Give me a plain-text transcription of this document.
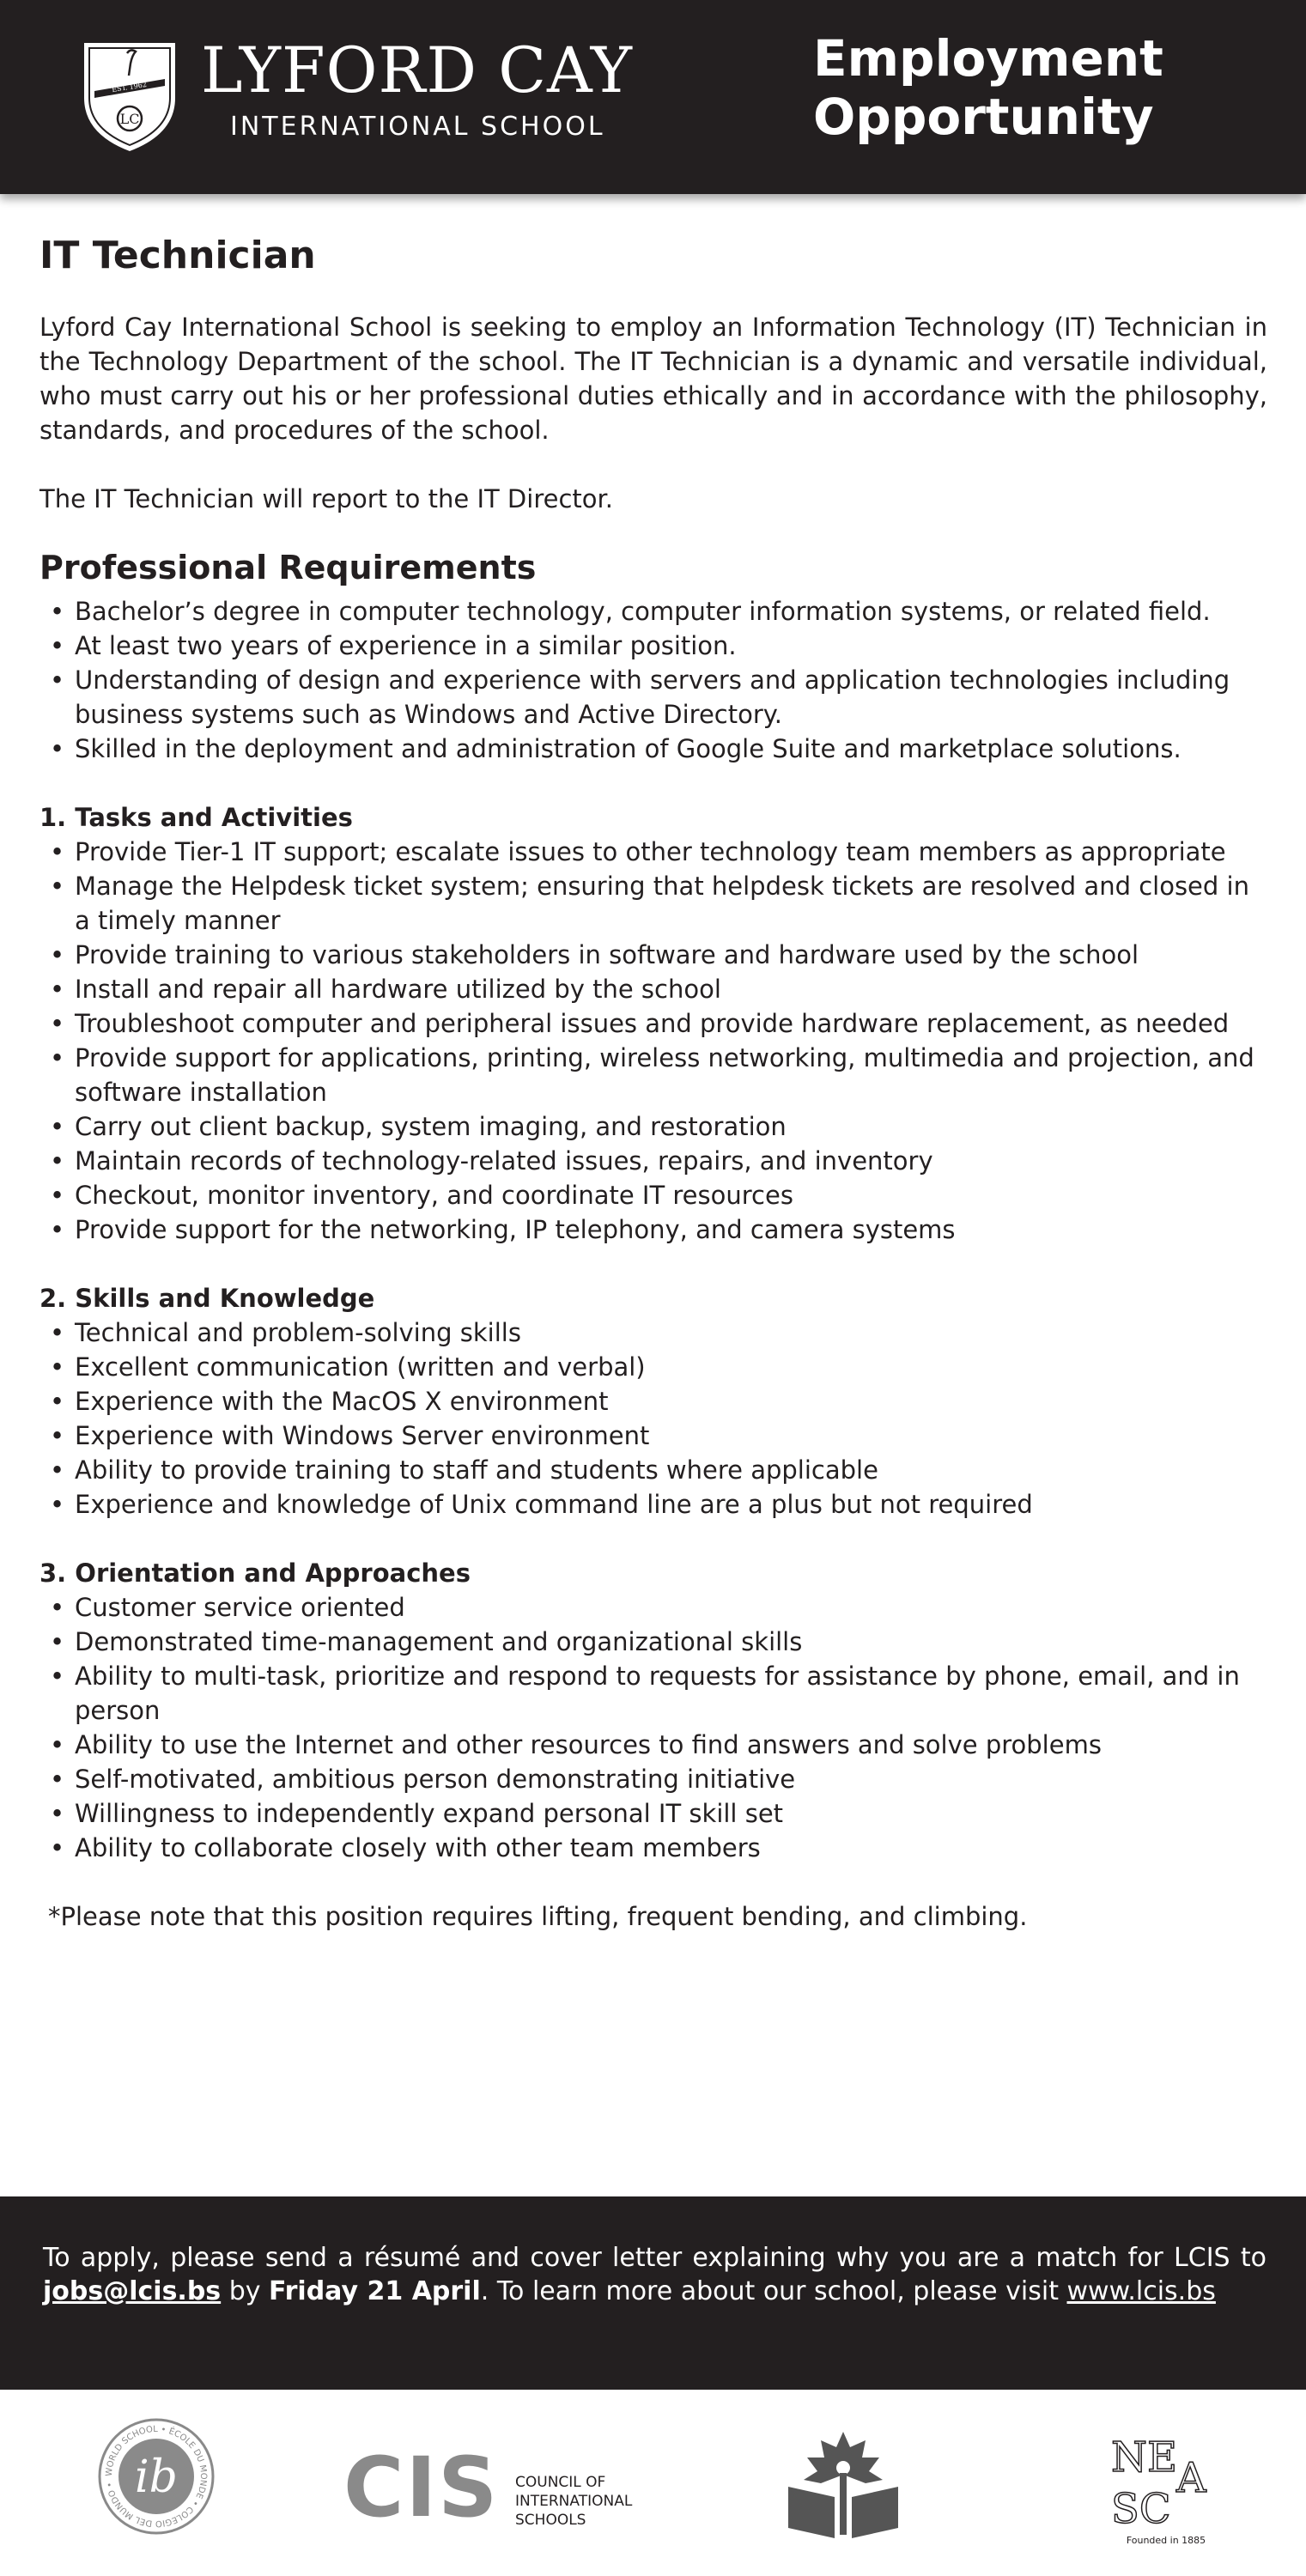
EST. 1962
LC
LYFORD CAY
INTERNATIONAL SCHOOL
Employment
Opportunity
IT Technician

Lyford Cay International School is seeking to employ an Information Technology (IT) Technician in the Technology Department of the school. The IT Technician is a dynamic and versatile individual, who must carry out his or her professional duties ethically and in accordance with the philosophy, standards, and procedures of the school.

The IT Technician will report to the IT Director.

Professional Requirements
• Bachelor’s degree in computer technology, computer information systems, or related field.
• At least two years of experience in a similar position.
• Understanding of design and experience with servers and application technologies including business systems such as Windows and Active Directory.
• Skilled in the deployment and administration of Google Suite and marketplace solutions.
1. Tasks and Activities
• Provide Tier-1 IT support; escalate issues to other technology team members as appropriate
• Manage the Helpdesk ticket system; ensuring that helpdesk tickets are resolved and closed in a timely manner
• Provide training to various stakeholders in software and hardware used by the school
• Install and repair all hardware utilized by the school
• Troubleshoot computer and peripheral issues and provide hardware replacement, as needed
• Provide support for applications, printing, wireless networking, multimedia and projection, and software installation
• Carry out client backup, system imaging, and restoration
• Maintain records of technology-related issues, repairs, and inventory
• Checkout, monitor inventory, and coordinate IT resources
• Provide support for the networking, IP telephony, and camera systems
2. Skills and Knowledge
• Technical and problem-solving skills
• Excellent communication (written and verbal)
• Experience with the MacOS X environment
• Experience with Windows Server environment
• Ability to provide training to staff and students where applicable
• Experience and knowledge of Unix command line are a plus but not required
3. Orientation and Approaches
• Customer service oriented
• Demonstrated time-management and organizational skills
• Ability to multi-task, prioritize and respond to requests for assistance by phone, email, and in person
• Ability to use the Internet and other resources to find answers and solve problems
• Self-motivated, ambitious person demonstrating initiative
• Willingness to independently expand personal IT skill set
• Ability to collaborate closely with other team members

*Please note that this position requires lifting, frequent bending, and climbing.

To apply, please send a résumé and cover letter explaining why you are a match for LCIS to jobs@lcis.bs by Friday 21 April. To learn more about our school, please visit www.lcis.bs
WORLD SCHOOL • ÉCOLE DU MONDE • COLEGIO DEL MUNDO • ib CIS COUNCIL OF
INTERNATIONAL
SCHOOLS
NE
A
SC
Founded in 1885
